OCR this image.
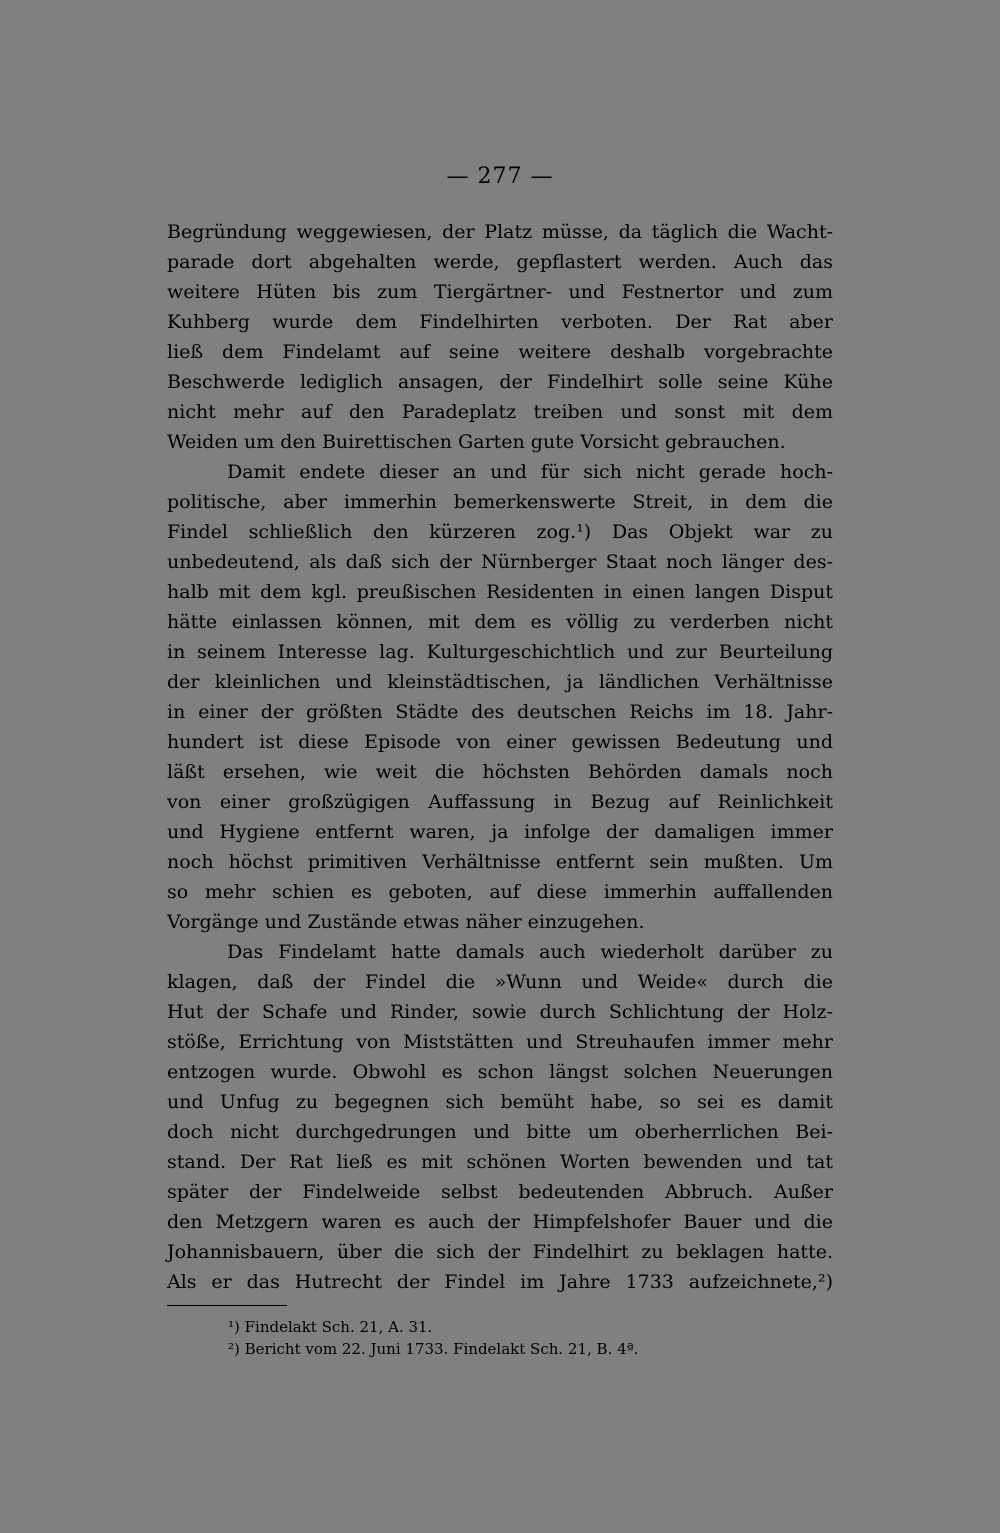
— 277 —
Begründung weggewiesen, der Platz müsse, da täglich die Wacht-
parade dort abgehalten werde, gepflastert werden. Auch das
weitere Hüten bis zum Tiergärtner- und Festnertor und zum
Kuhberg wurde dem Findelhirten verboten. Der Rat aber
ließ dem Findelamt auf seine weitere deshalb vorgebrachte
Beschwerde lediglich ansagen, der Findelhirt solle seine Kühe
nicht mehr auf den Paradeplatz treiben und sonst mit dem
Weiden um den Buirettischen Garten gute Vorsicht gebrauchen.
Damit endete dieser an und für sich nicht gerade hoch-
politische, aber immerhin bemerkenswerte Streit, in dem die
Findel schließlich den kürzeren zog.¹) Das Objekt war zu
unbedeutend, als daß sich der Nürnberger Staat noch länger des-
halb mit dem kgl. preußischen Residenten in einen langen Disput
hätte einlassen können, mit dem es völlig zu verderben nicht
in seinem Interesse lag. Kulturgeschichtlich und zur Beurteilung
der kleinlichen und kleinstädtischen, ja ländlichen Verhältnisse
in einer der größten Städte des deutschen Reichs im 18. Jahr-
hundert ist diese Episode von einer gewissen Bedeutung und
läßt ersehen, wie weit die höchsten Behörden damals noch
von einer großzügigen Auffassung in Bezug auf Reinlichkeit
und Hygiene entfernt waren, ja infolge der damaligen immer
noch höchst primitiven Verhältnisse entfernt sein mußten. Um
so mehr schien es geboten, auf diese immerhin auffallenden
Vorgänge und Zustände etwas näher einzugehen.
Das Findelamt hatte damals auch wiederholt darüber zu
klagen, daß der Findel die »Wunn und Weide« durch die
Hut der Schafe und Rinder, sowie durch Schlichtung der Holz-
stöße, Errichtung von Miststätten und Streuhaufen immer mehr
entzogen wurde. Obwohl es schon längst solchen Neuerungen
und Unfug zu begegnen sich bemüht habe, so sei es damit
doch nicht durchgedrungen und bitte um oberherrlichen Bei-
stand. Der Rat ließ es mit schönen Worten bewenden und tat
später der Findelweide selbst bedeutenden Abbruch. Außer
den Metzgern waren es auch der Himpfelshofer Bauer und die
Johannisbauern, über die sich der Findelhirt zu beklagen hatte.
Als er das Hutrecht der Findel im Jahre 1733 aufzeichnete,²)
¹) Findelakt Sch. 21, A. 31.
²) Bericht vom 22. Juni 1733. Findelakt Sch. 21, B. 4ª.
